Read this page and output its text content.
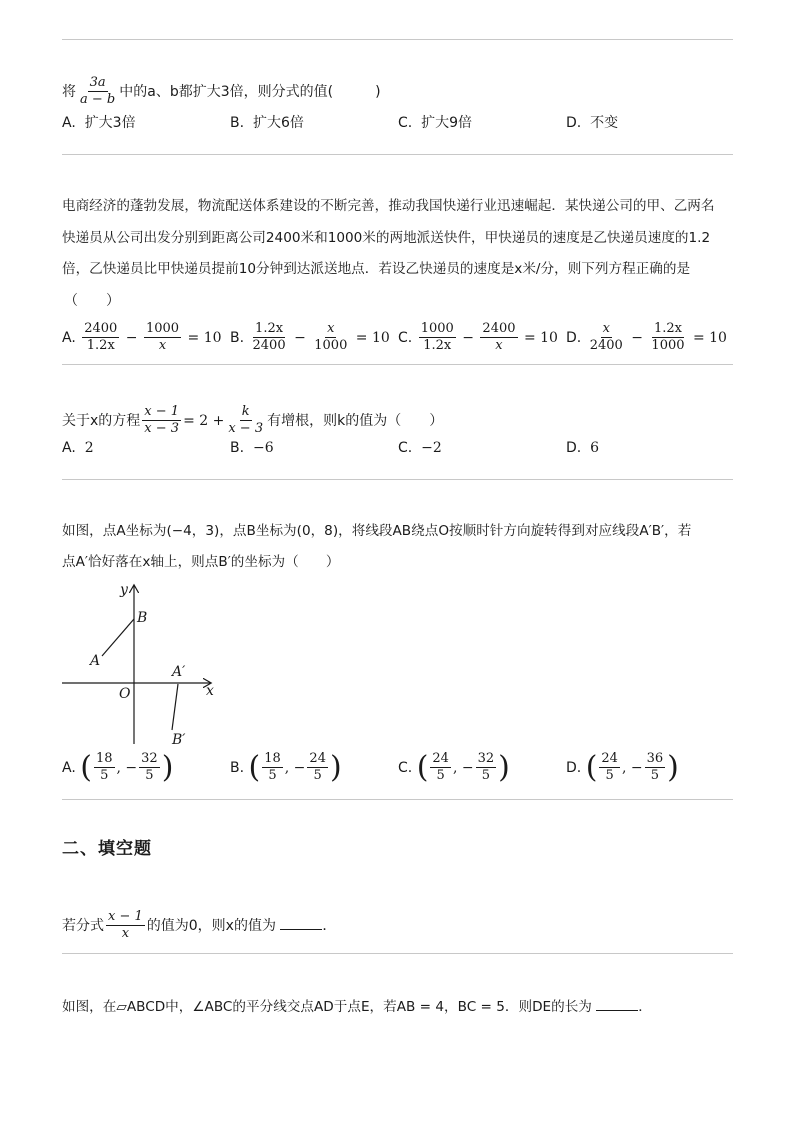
将 $\frac{3a}{a - b}$ 中的a、b都扩大3倍，则分式的值(　　　)
A. 扩大3倍	B. 扩大6倍	C. 扩大9倍	D. 不变
电商经济的蓬勃发展，物流配送体系建设的不断完善，推动我国快递行业迅速崛起．某快递公司的甲、乙两名
快递员从公司出发分别到距离公司2400米和1000米的两地派送快件，甲快递员的速度是乙快递员速度的1.2
倍，乙快递员比甲快递员提前10分钟到达派送地点．若设乙快递员的速度是x米/分，则下列方程正确的是
（　　）
A. $\frac{2400}{1.2x} - \frac{1000}{x} = 10$ B. $\frac{1.2x}{2400} - \frac{x}{1000} = 10$ C. $\frac{1000}{1.2x} - \frac{2400}{x} = 10$ D. $\frac{x}{2400} - \frac{1.2x}{1000} = 10$
关于x的方程 $\frac{x - 1}{x - 3} = 2 + \frac{k}{x - 3}$ 有增根，则k的值为（　　）
A. 2	B. −6	C. −2	D. 6
如图，点A坐标为(−4，3)，点B坐标为(0，8)，将线段AB绕点O按顺时针方向旋转得到对应线段A′B′，若
点A′恰好落在x轴上，则点B′的坐标为（　　）
y
x
O
A
B
A′
B′
A. ( $\frac{18}{5}$ , − $\frac{32}{5}$ )	B. ( $\frac{18}{5}$ , − $\frac{24}{5}$ )	C. ( $\frac{24}{5}$ , − $\frac{32}{5}$ )	D. ( $\frac{24}{5}$ , − $\frac{36}{5}$ )
二、填空题
若分式 $\frac{x - 1}{x}$ 的值为0，则x的值为	．
如图，在▱ABCD中，∠ABC的平分线交点AD于点E，若AB = 4，BC = 5．则DE的长为	．
